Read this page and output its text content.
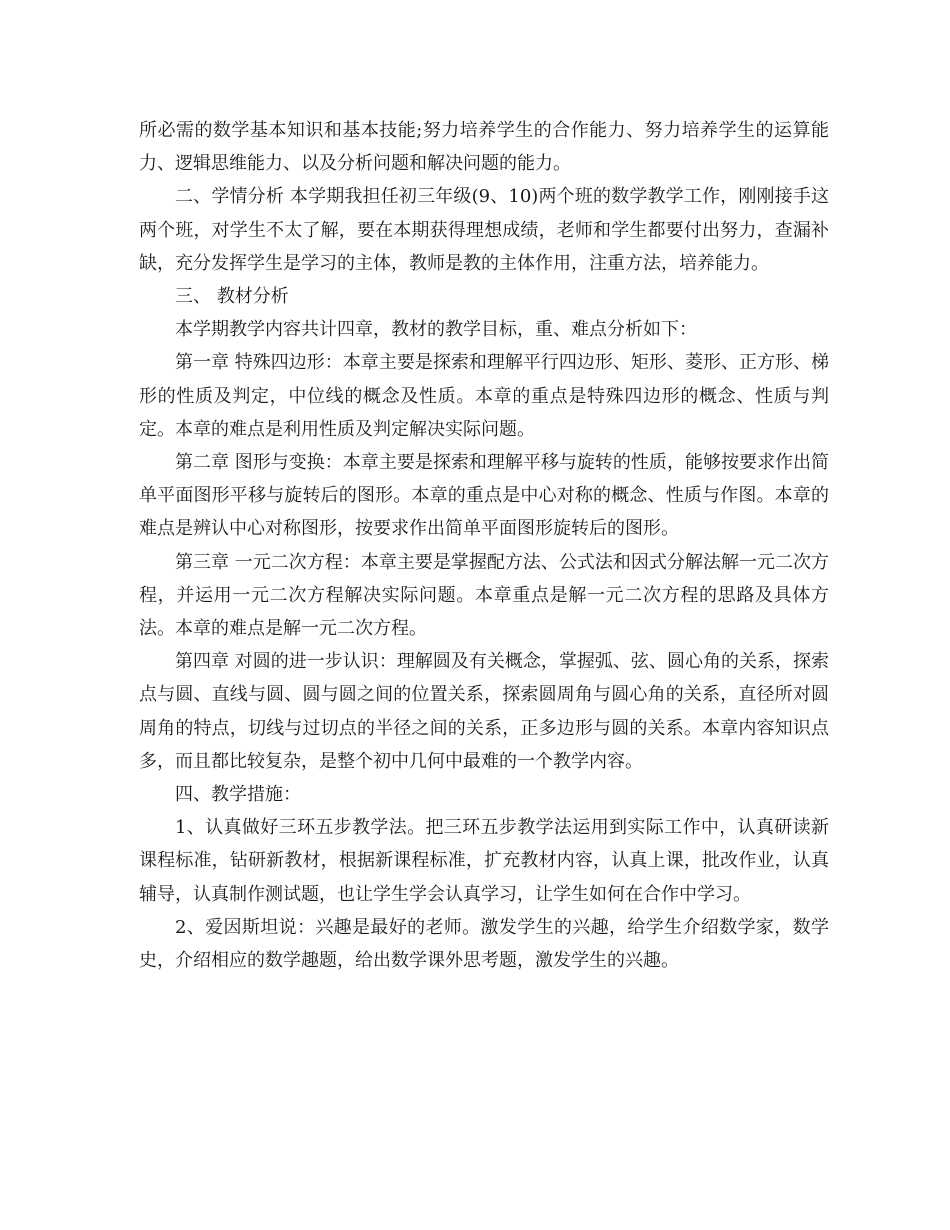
所必需的数学基本知识和基本技能;努力培养学生的合作能力、努力培养学生的运算能力、逻辑思维能力、以及分析问题和解决问题的能力。

二、学情分析 本学期我担任初三年级(9、10)两个班的数学教学工作，刚刚接手这两个班，对学生不太了解，要在本期获得理想成绩，老师和学生都要付出努力，查漏补缺，充分发挥学生是学习的主体，教师是教的主体作用，注重方法，培养能力。

三、 教材分析

本学期教学内容共计四章，教材的教学目标，重、难点分析如下：

第一章 特殊四边形：本章主要是探索和理解平行四边形、矩形、菱形、正方形、梯形的性质及判定，中位线的概念及性质。本章的重点是特殊四边形的概念、性质与判定。本章的难点是利用性质及判定解决实际问题。

第二章 图形与变换：本章主要是探索和理解平移与旋转的性质，能够按要求作出简单平面图形平移与旋转后的图形。本章的重点是中心对称的概念、性质与作图。本章的难点是辨认中心对称图形，按要求作出简单平面图形旋转后的图形。

第三章 一元二次方程：本章主要是掌握配方法、公式法和因式分解法解一元二次方程，并运用一元二次方程解决实际问题。本章重点是解一元二次方程的思路及具体方法。本章的难点是解一元二次方程。

第四章 对圆的进一步认识：理解圆及有关概念，掌握弧、弦、圆心角的关系，探索点与圆、直线与圆、圆与圆之间的位置关系，探索圆周角与圆心角的关系，直径所对圆周角的特点，切线与过切点的半径之间的关系，正多边形与圆的关系。本章内容知识点多，而且都比较复杂，是整个初中几何中最难的一个教学内容。

四、教学措施：

1、认真做好三环五步教学法。把三环五步教学法运用到实际工作中，认真研读新课程标准，钻研新教材，根据新课程标准，扩充教材内容，认真上课，批改作业，认真辅导，认真制作测试题，也让学生学会认真学习，让学生如何在合作中学习。

2、爱因斯坦说：兴趣是最好的老师。激发学生的兴趣，给学生介绍数学家，数学史，介绍相应的数学趣题，给出数学课外思考题，激发学生的兴趣。
